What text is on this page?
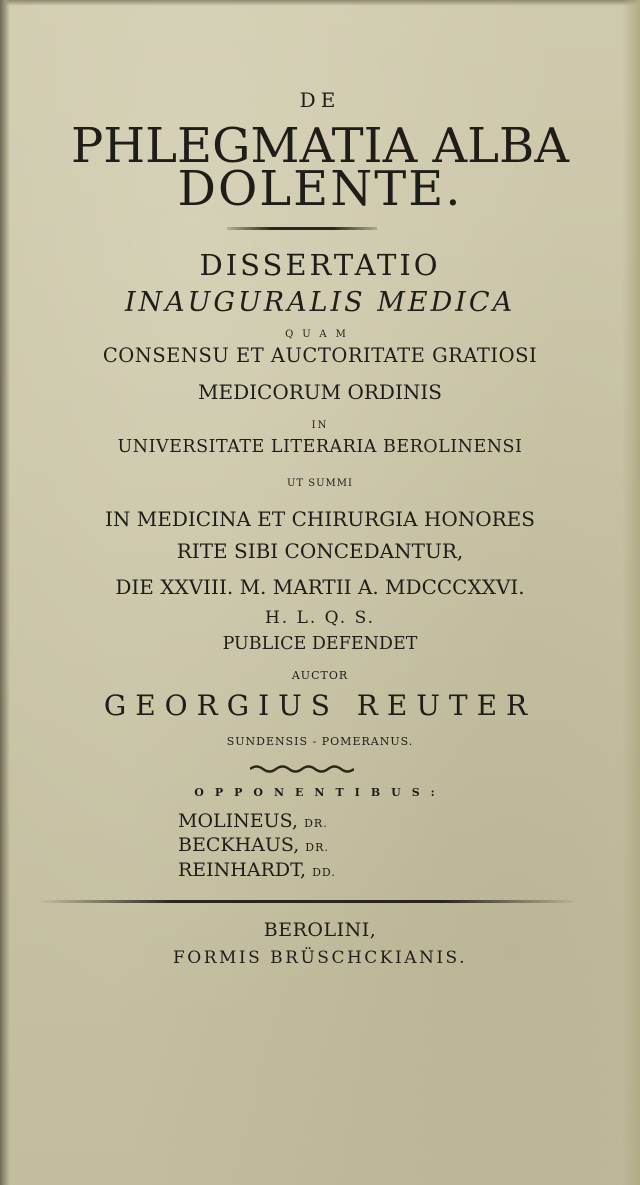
DE

PHLEGMATIA ALBA

DOLENTE.

DISSERTATIO

INAUGURALIS MEDICA

QUAM

CONSENSU ET AUCTORITATE GRATIOSI

MEDICORUM ORDINIS

IN

UNIVERSITATE LITERARIA BEROLINENSI

UT SUMMI

IN MEDICINA ET CHIRURGIA HONORES

RITE SIBI CONCEDANTUR,

DIE XXVIII. M. MARTII A. MDCCCXXVI.

H. L. Q. S.

PUBLICE DEFENDET

AUCTOR

GEORGIUS REUTER

SUNDENSIS - POMERANUS.

OPPONENTIBUS:

MOLINEUS, DR.
BECKHAUS, DR.
REINHARDT, DD.

BEROLINI,

FORMIS BRÜSCHCKIANIS.
